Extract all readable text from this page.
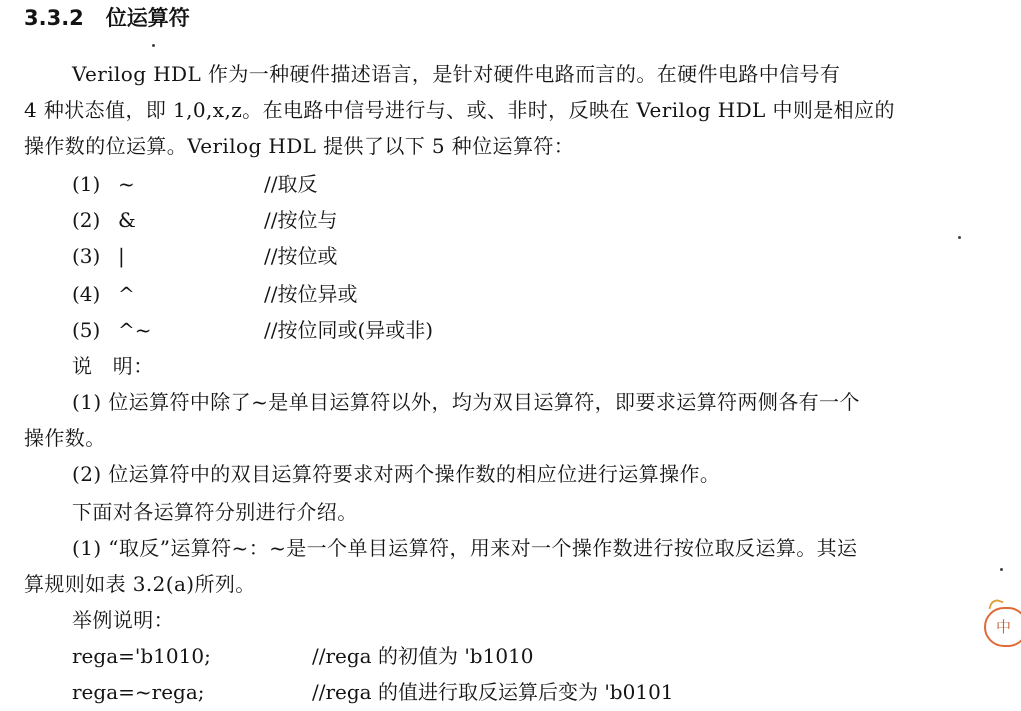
3.3.2 位运算符
Verilog HDL 作为一种硬件描述语言，是针对硬件电路而言的。在硬件电路中信号有
4 种状态值，即 1,0,x,z。在电路中信号进行与、或、非时，反映在 Verilog HDL 中则是相应的
操作数的位运算。Verilog HDL 提供了以下 5 种位运算符：
(1) ~	//取反
(2) &	//按位与
(3) |	//按位或
(4) ^	//按位异或
(5) ^~	//按位同或(异或非)
说　明：
(1) 位运算符中除了~是单目运算符以外，均为双目运算符，即要求运算符两侧各有一个
操作数。
(2) 位运算符中的双目运算符要求对两个操作数的相应位进行运算操作。
下面对各运算符分别进行介绍。
(1) “取反”运算符~：~是一个单目运算符，用来对一个操作数进行按位取反运算。其运
算规则如表 3.2(a)所列。
举例说明：
rega='b1010;	//rega 的初值为 'b1010
rega=~rega;	//rega 的值进行取反运算后变为 'b0101
中
